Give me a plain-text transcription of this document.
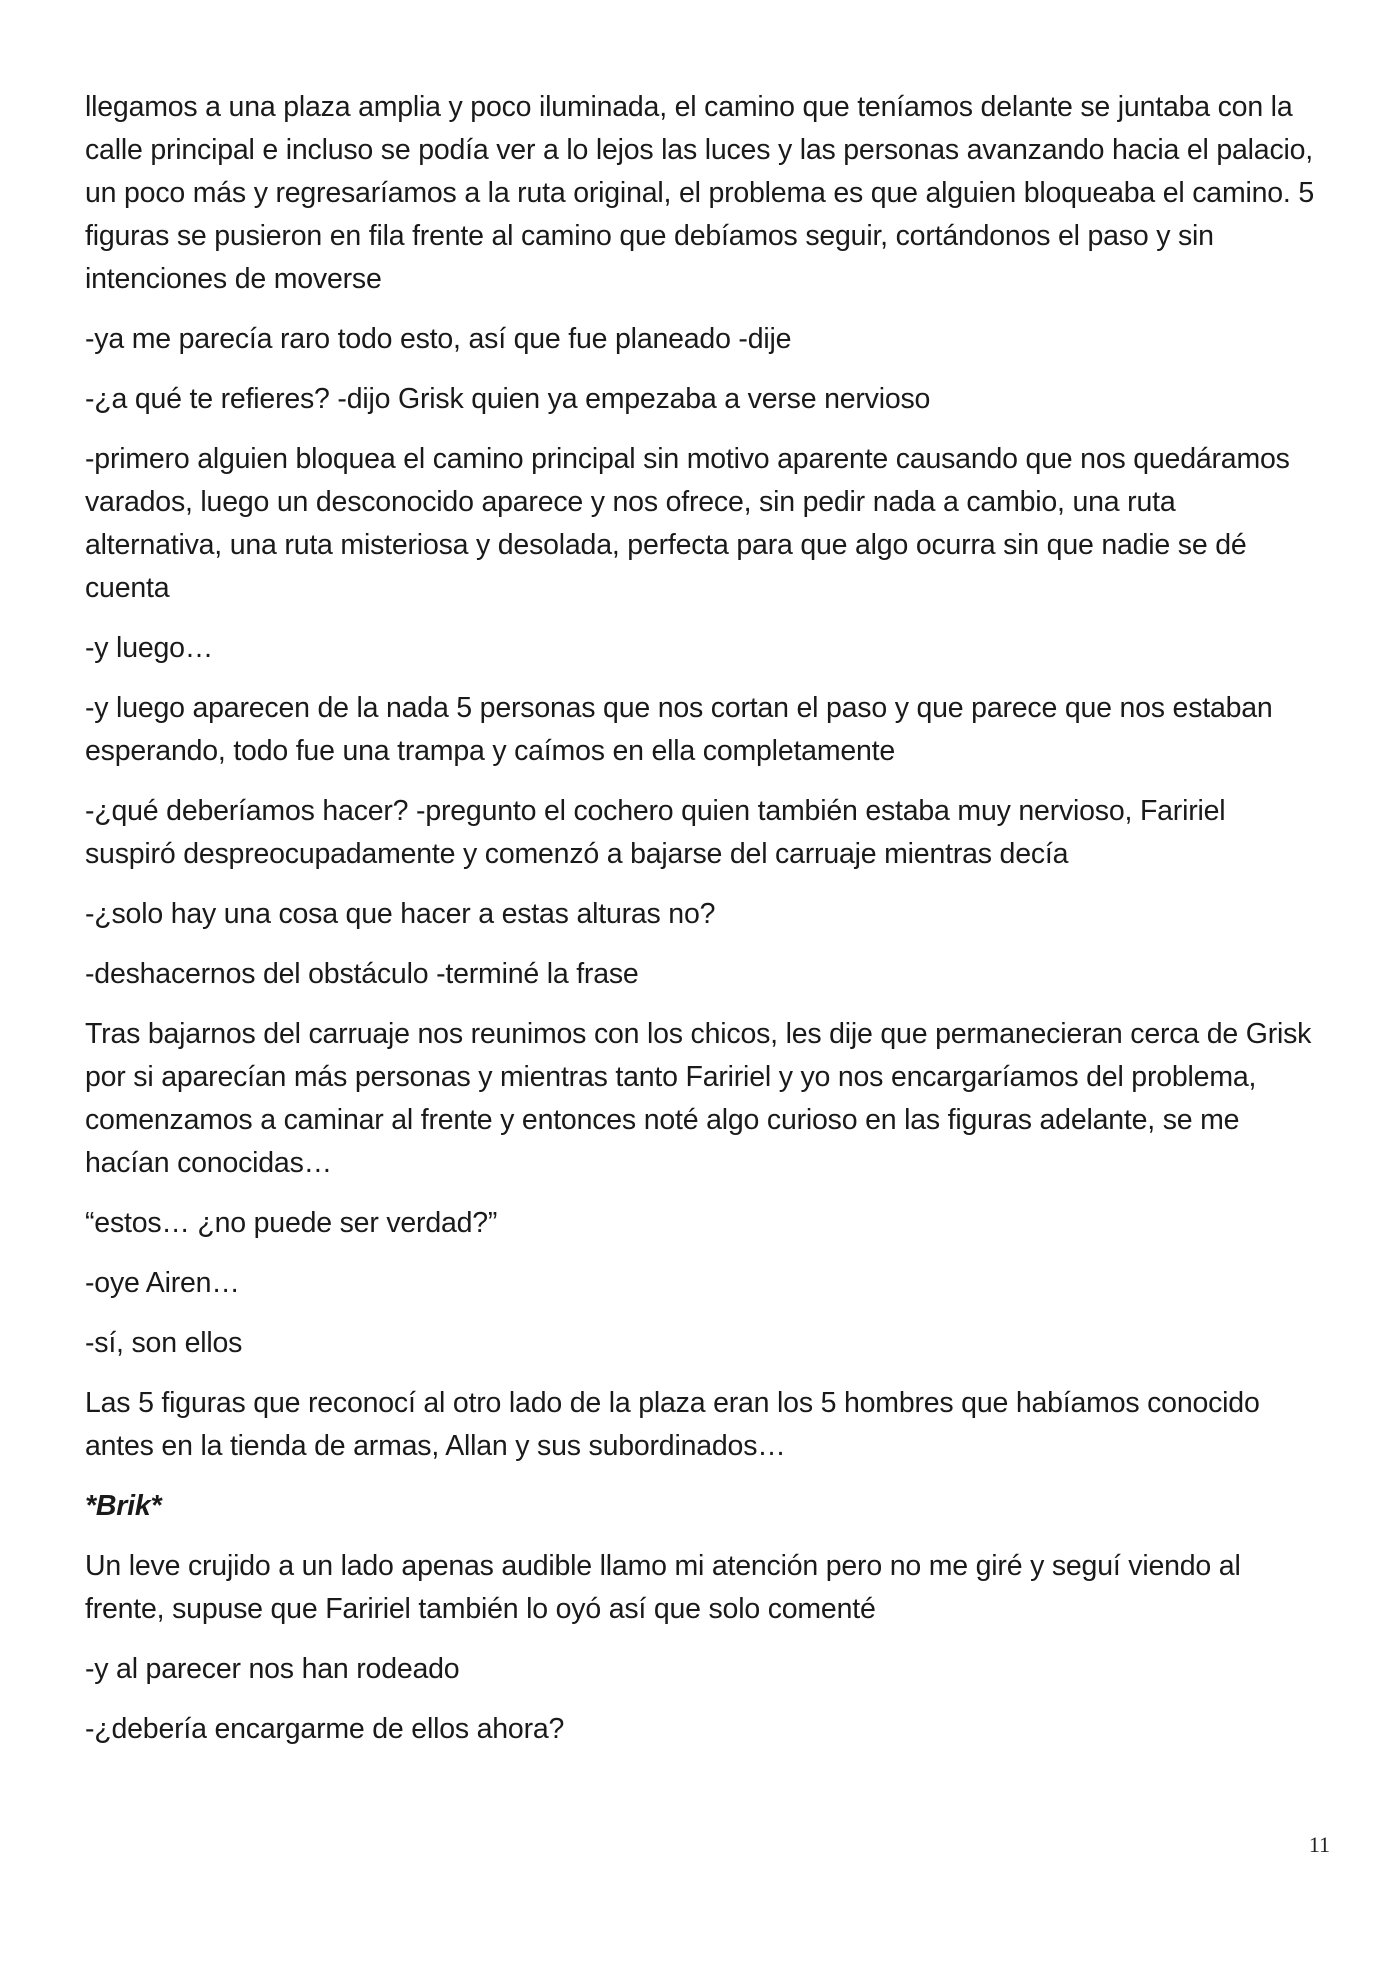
llegamos a una plaza amplia y poco iluminada, el camino que teníamos delante se juntaba con la calle principal e incluso se podía ver a lo lejos las luces y las personas avanzando hacia el palacio, un poco más y regresaríamos a la ruta original, el problema es que alguien bloqueaba el camino. 5 figuras se pusieron en fila frente al camino que debíamos seguir, cortándonos el paso y sin intenciones de moverse

-ya me parecía raro todo esto, así que fue planeado -dije

-¿a qué te refieres? -dijo Grisk quien ya empezaba a verse nervioso

-primero alguien bloquea el camino principal sin motivo aparente causando que nos quedáramos varados, luego un desconocido aparece y nos ofrece, sin pedir nada a cambio, una ruta alternativa, una ruta misteriosa y desolada, perfecta para que algo ocurra sin que nadie se dé cuenta

-y luego…

-y luego aparecen de la nada 5 personas que nos cortan el paso y que parece que nos estaban esperando, todo fue una trampa y caímos en ella completamente

-¿qué deberíamos hacer? -pregunto el cochero quien también estaba muy nervioso, Faririel suspiró despreocupadamente y comenzó a bajarse del carruaje mientras decía

-¿solo hay una cosa que hacer a estas alturas no?

-deshacernos del obstáculo -terminé la frase

Tras bajarnos del carruaje nos reunimos con los chicos, les dije que permanecieran cerca de Grisk por si aparecían más personas y mientras tanto Faririel y yo nos encargaríamos del problema, comenzamos a caminar al frente y entonces noté algo curioso en las figuras adelante, se me hacían conocidas…

“estos… ¿no puede ser verdad?”

-oye Airen…

-sí, son ellos

Las 5 figuras que reconocí al otro lado de la plaza eran los 5 hombres que habíamos conocido antes en la tienda de armas, Allan y sus subordinados…

*Brik*

Un leve crujido a un lado apenas audible llamo mi atención pero no me giré y seguí viendo al frente, supuse que Faririel también lo oyó así que solo comenté

-y al parecer nos han rodeado

-¿debería encargarme de ellos ahora?

11
